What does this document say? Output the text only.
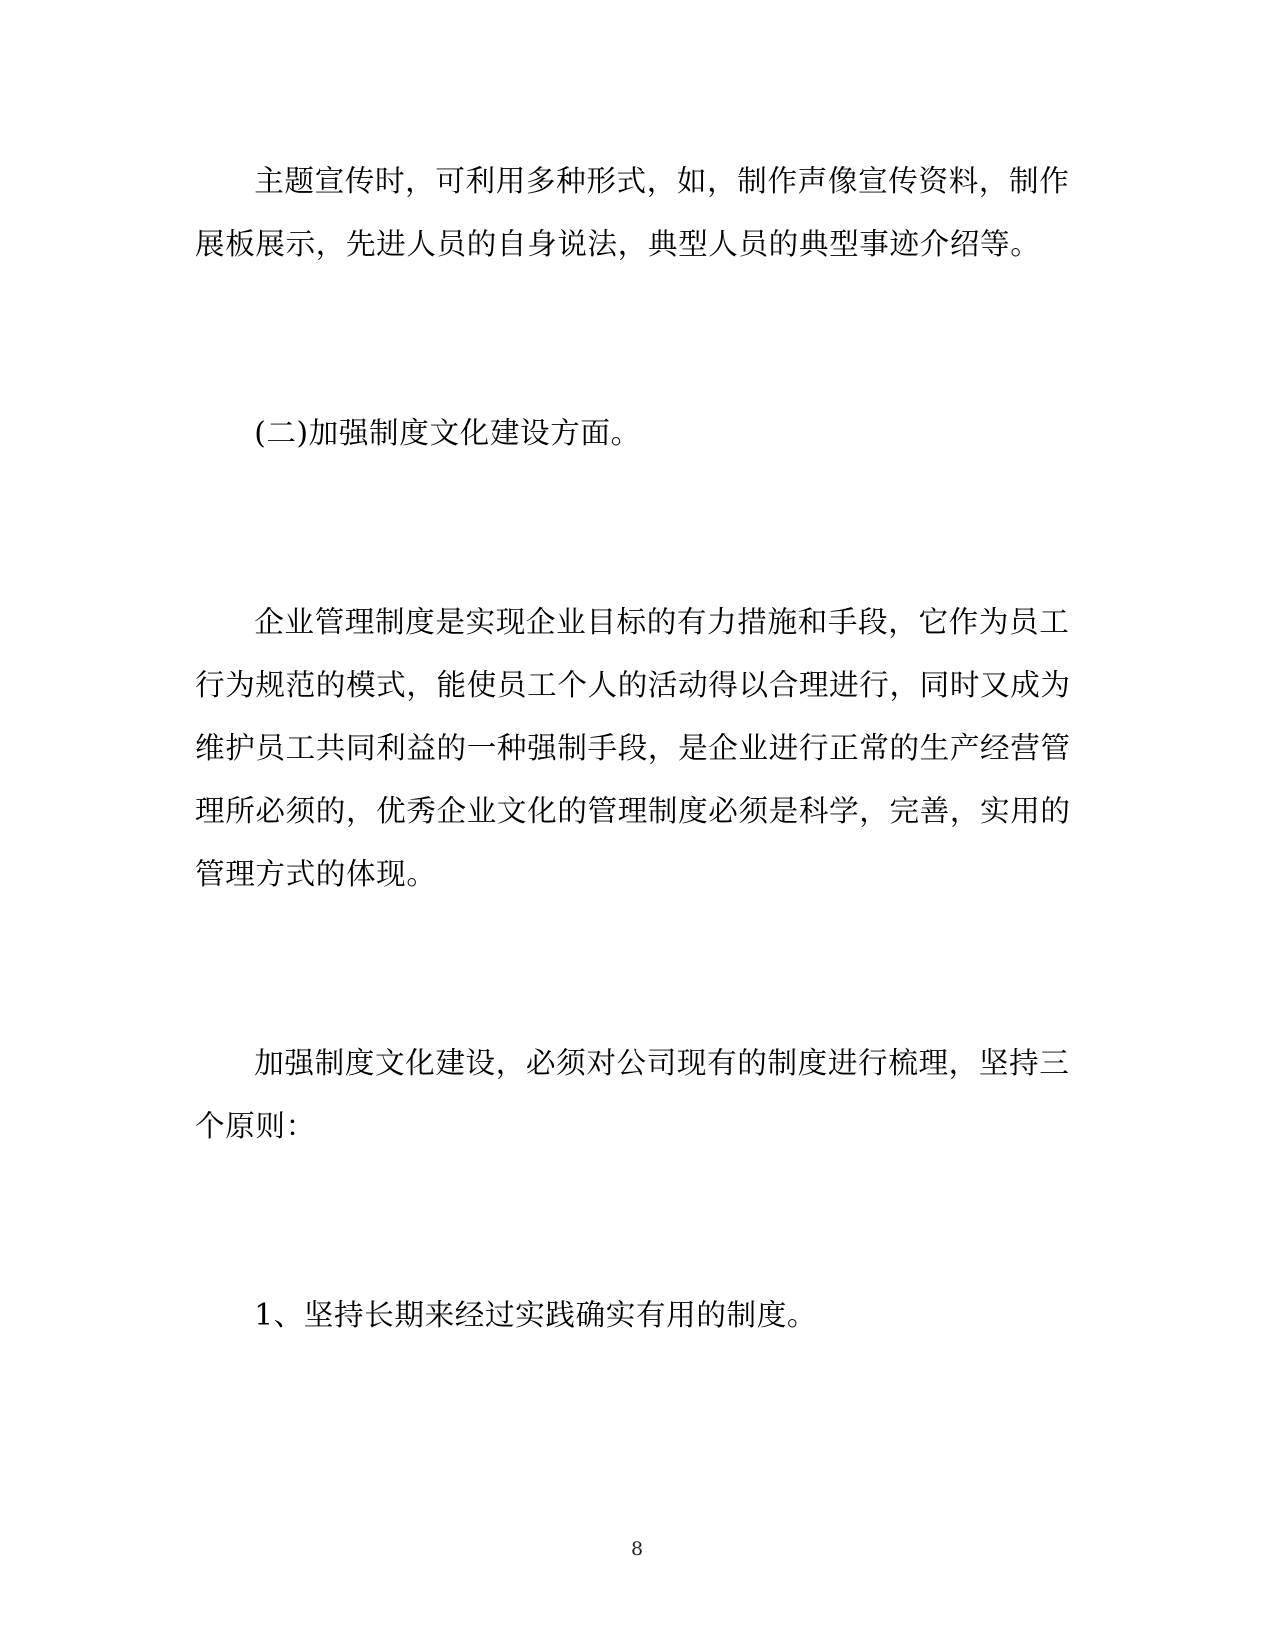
主题宣传时，可利用多种形式，如，制作声像宣传资料，制作展板展示，先进人员的自身说法，典型人员的典型事迹介绍等。

(二)加强制度文化建设方面。

企业管理制度是实现企业目标的有力措施和手段，它作为员工行为规范的模式，能使员工个人的活动得以合理进行，同时又成为维护员工共同利益的一种强制手段，是企业进行正常的生产经营管理所必须的，优秀企业文化的管理制度必须是科学，完善，实用的管理方式的体现。

加强制度文化建设，必须对公司现有的制度进行梳理，坚持三个原则：

1、坚持长期来经过实践确实有用的制度。

8
